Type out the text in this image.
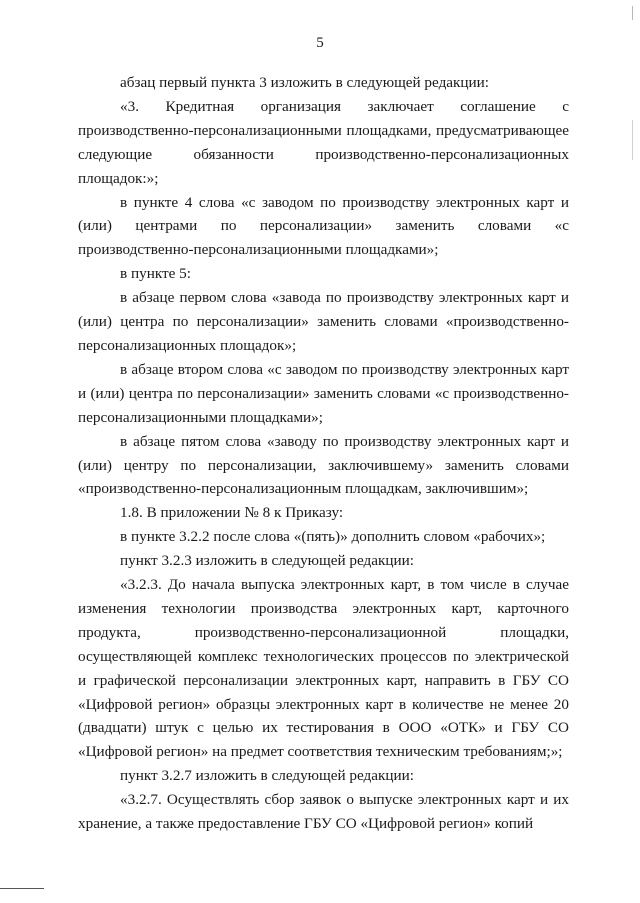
5

абзац первый пункта 3 изложить в следующей редакции:

«3. Кредитная организация заключает соглашение с производственно-персонализационными площадками, предусматривающее следующие обязанности производственно-персонализационных площадок:»;

в пункте 4 слова «с заводом по производству электронных карт и (или) центрами по персонализации» заменить словами «с производственно-персонализационными площадками»;

в пункте 5:

в абзаце первом слова «завода по производству электронных карт и (или) центра по персонализации» заменить словами «производственно-персонализационных площадок»;

в абзаце втором слова «с заводом по производству электронных карт и (или) центра по персонализации» заменить словами «с производственно-персонализационными площадками»;

в абзаце пятом слова «заводу по производству электронных карт и (или) центру по персонализации, заключившему» заменить словами «производственно-персонализационным площадкам, заключившим»;

1.8. В приложении № 8 к Приказу:

в пункте 3.2.2 после слова «(пять)» дополнить словом «рабочих»;

пункт 3.2.3 изложить в следующей редакции:

«3.2.3. До начала выпуска электронных карт, в том числе в случае изменения технологии производства электронных карт, карточного продукта, производственно-персонализационной площадки, осуществляющей комплекс технологических процессов по электрической и графической персонализации электронных карт, направить в ГБУ СО «Цифровой регион» образцы электронных карт в количестве не менее 20 (двадцати) штук с целью их тестирования в ООО «ОТК» и ГБУ СО «Цифровой регион» на предмет соответствия техническим требованиям;»;

пункт 3.2.7 изложить в следующей редакции:

«3.2.7. Осуществлять сбор заявок о выпуске электронных карт и их хранение, а также предоставление ГБУ СО «Цифровой регион» копий
